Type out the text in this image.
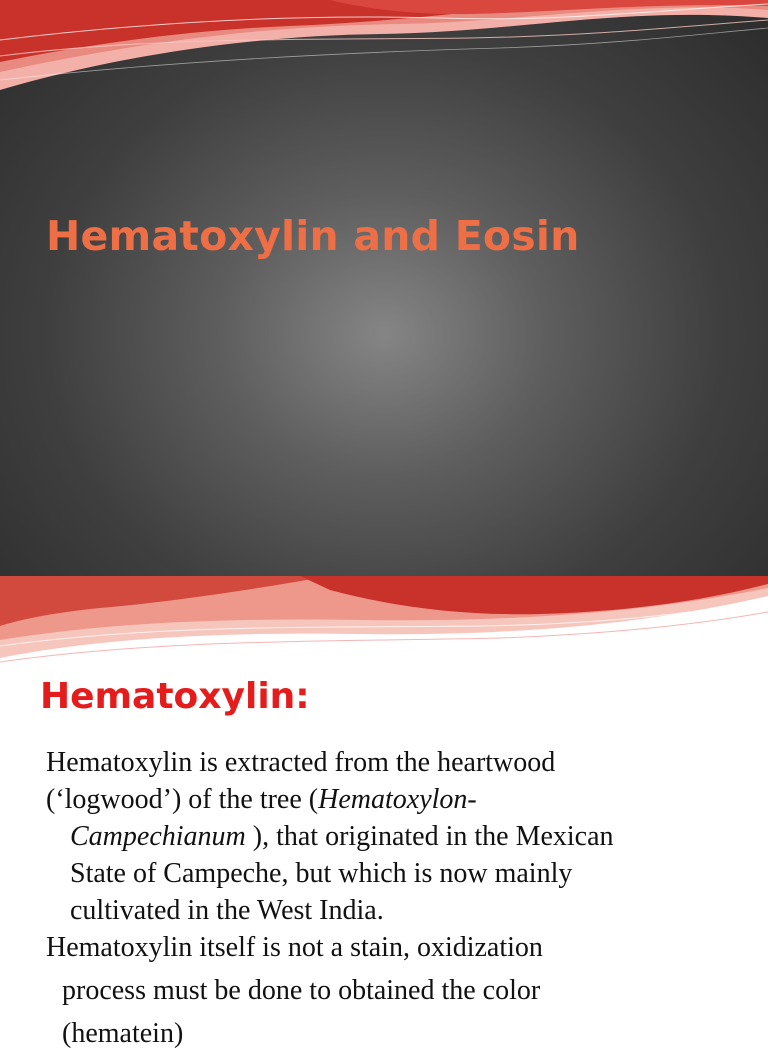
Hematoxylin and Eosin
Hematoxylin:

Hematoxylin is extracted from the heartwood

(‘logwood’) of the tree (Hematoxylon-

Campechianum ), that originated in the Mexican

State of Campeche, but which is now mainly

cultivated in the West India.

Hematoxylin itself is not a stain, oxidization

process must be done to obtained the color

(hematein)
